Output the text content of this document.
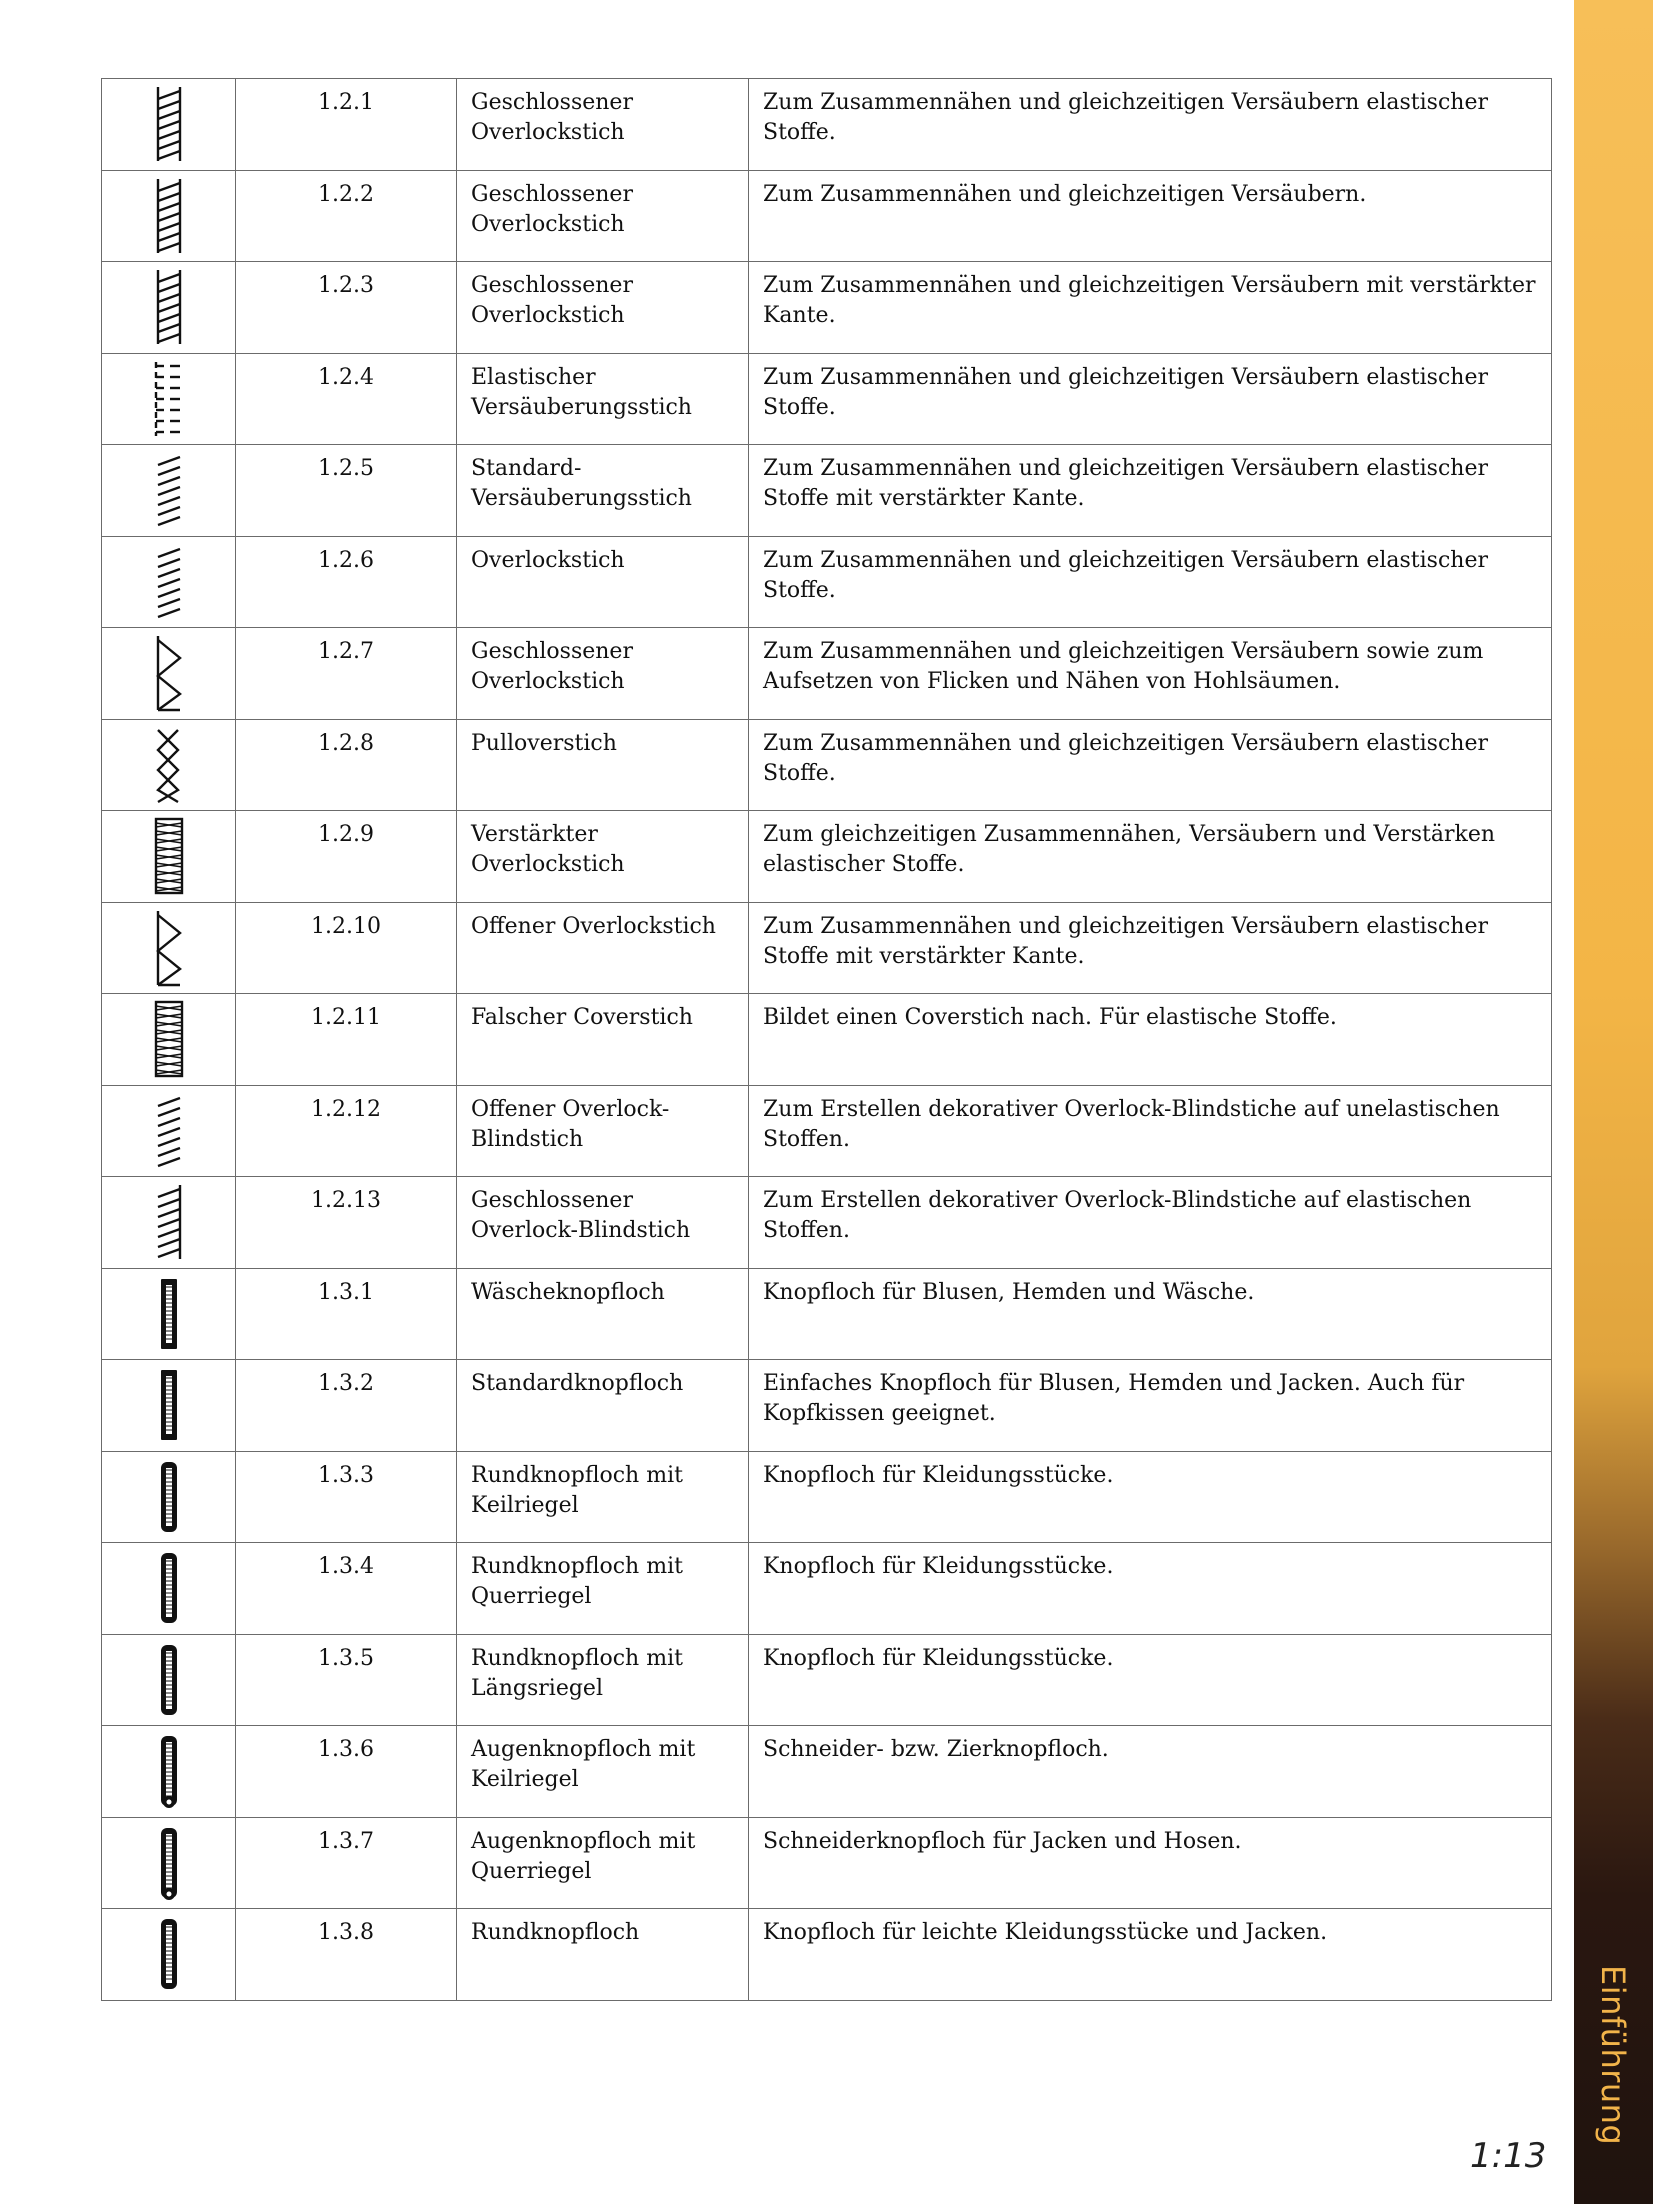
Einführung
	1.2.1	Geschlossener Overlockstich	Zum Zusammennähen und gleichzeitigen Versäubern elastischer Stoffe.

	1.2.2	Geschlossener Overlockstich	Zum Zusammennähen und gleichzeitigen Versäubern.

	1.2.3	Geschlossener Overlockstich	Zum Zusammennähen und gleichzeitigen Versäubern mit verstärkter Kante.

	1.2.4	Elastischer Versäuberungsstich	Zum Zusammennähen und gleichzeitigen Versäubern elastischer Stoffe.

	1.2.5	Standard-Versäuberungsstich	Zum Zusammennähen und gleichzeitigen Versäubern elastischer Stoffe mit verstärkter Kante.

	1.2.6	Overlockstich	Zum Zusammennähen und gleichzeitigen Versäubern elastischer Stoffe.

	1.2.7	Geschlossener Overlockstich	Zum Zusammennähen und gleichzeitigen Versäubern sowie zum Aufsetzen von Flicken und Nähen von Hohlsäumen.

	1.2.8	Pulloverstich	Zum Zusammennähen und gleichzeitigen Versäubern elastischer Stoffe.

	1.2.9	Verstärkter Overlockstich	Zum gleichzeitigen Zusammennähen, Versäubern und Verstärken elastischer Stoffe.

	1.2.10	Offener Overlockstich	Zum Zusammennähen und gleichzeitigen Versäubern elastischer Stoffe mit verstärkter Kante.

	1.2.11	Falscher Coverstich	Bildet einen Coverstich nach. Für elastische Stoffe.

	1.2.12	Offener Overlock-Blindstich	Zum Erstellen dekorativer Overlock-Blindstiche auf unelastischen Stoffen.

	1.2.13	Geschlossener Overlock-Blindstich	Zum Erstellen dekorativer Overlock-Blindstiche auf elastischen Stoffen.

	1.3.1	Wäscheknopfloch	Knopfloch für Blusen, Hemden und Wäsche.

	1.3.2	Standardknopfloch	Einfaches Knopfloch für Blusen, Hemden und Jacken. Auch für Kopfkissen geeignet.

	1.3.3	Rundknopfloch mit Keilriegel	Knopfloch für Kleidungsstücke.

	1.3.4	Rundknopfloch mit Querriegel	Knopfloch für Kleidungsstücke.

	1.3.5	Rundknopfloch mit Längsriegel	Knopfloch für Kleidungsstücke.

	1.3.6	Augenknopfloch mit Keilriegel	Schneider- bzw. Zierknopfloch.

	1.3.7	Augenknopfloch mit Querriegel	Schneiderknopfloch für Jacken und Hosen.

	1.3.8	Rundknopfloch	Knopfloch für leichte Kleidungsstücke und Jacken.
1:13
